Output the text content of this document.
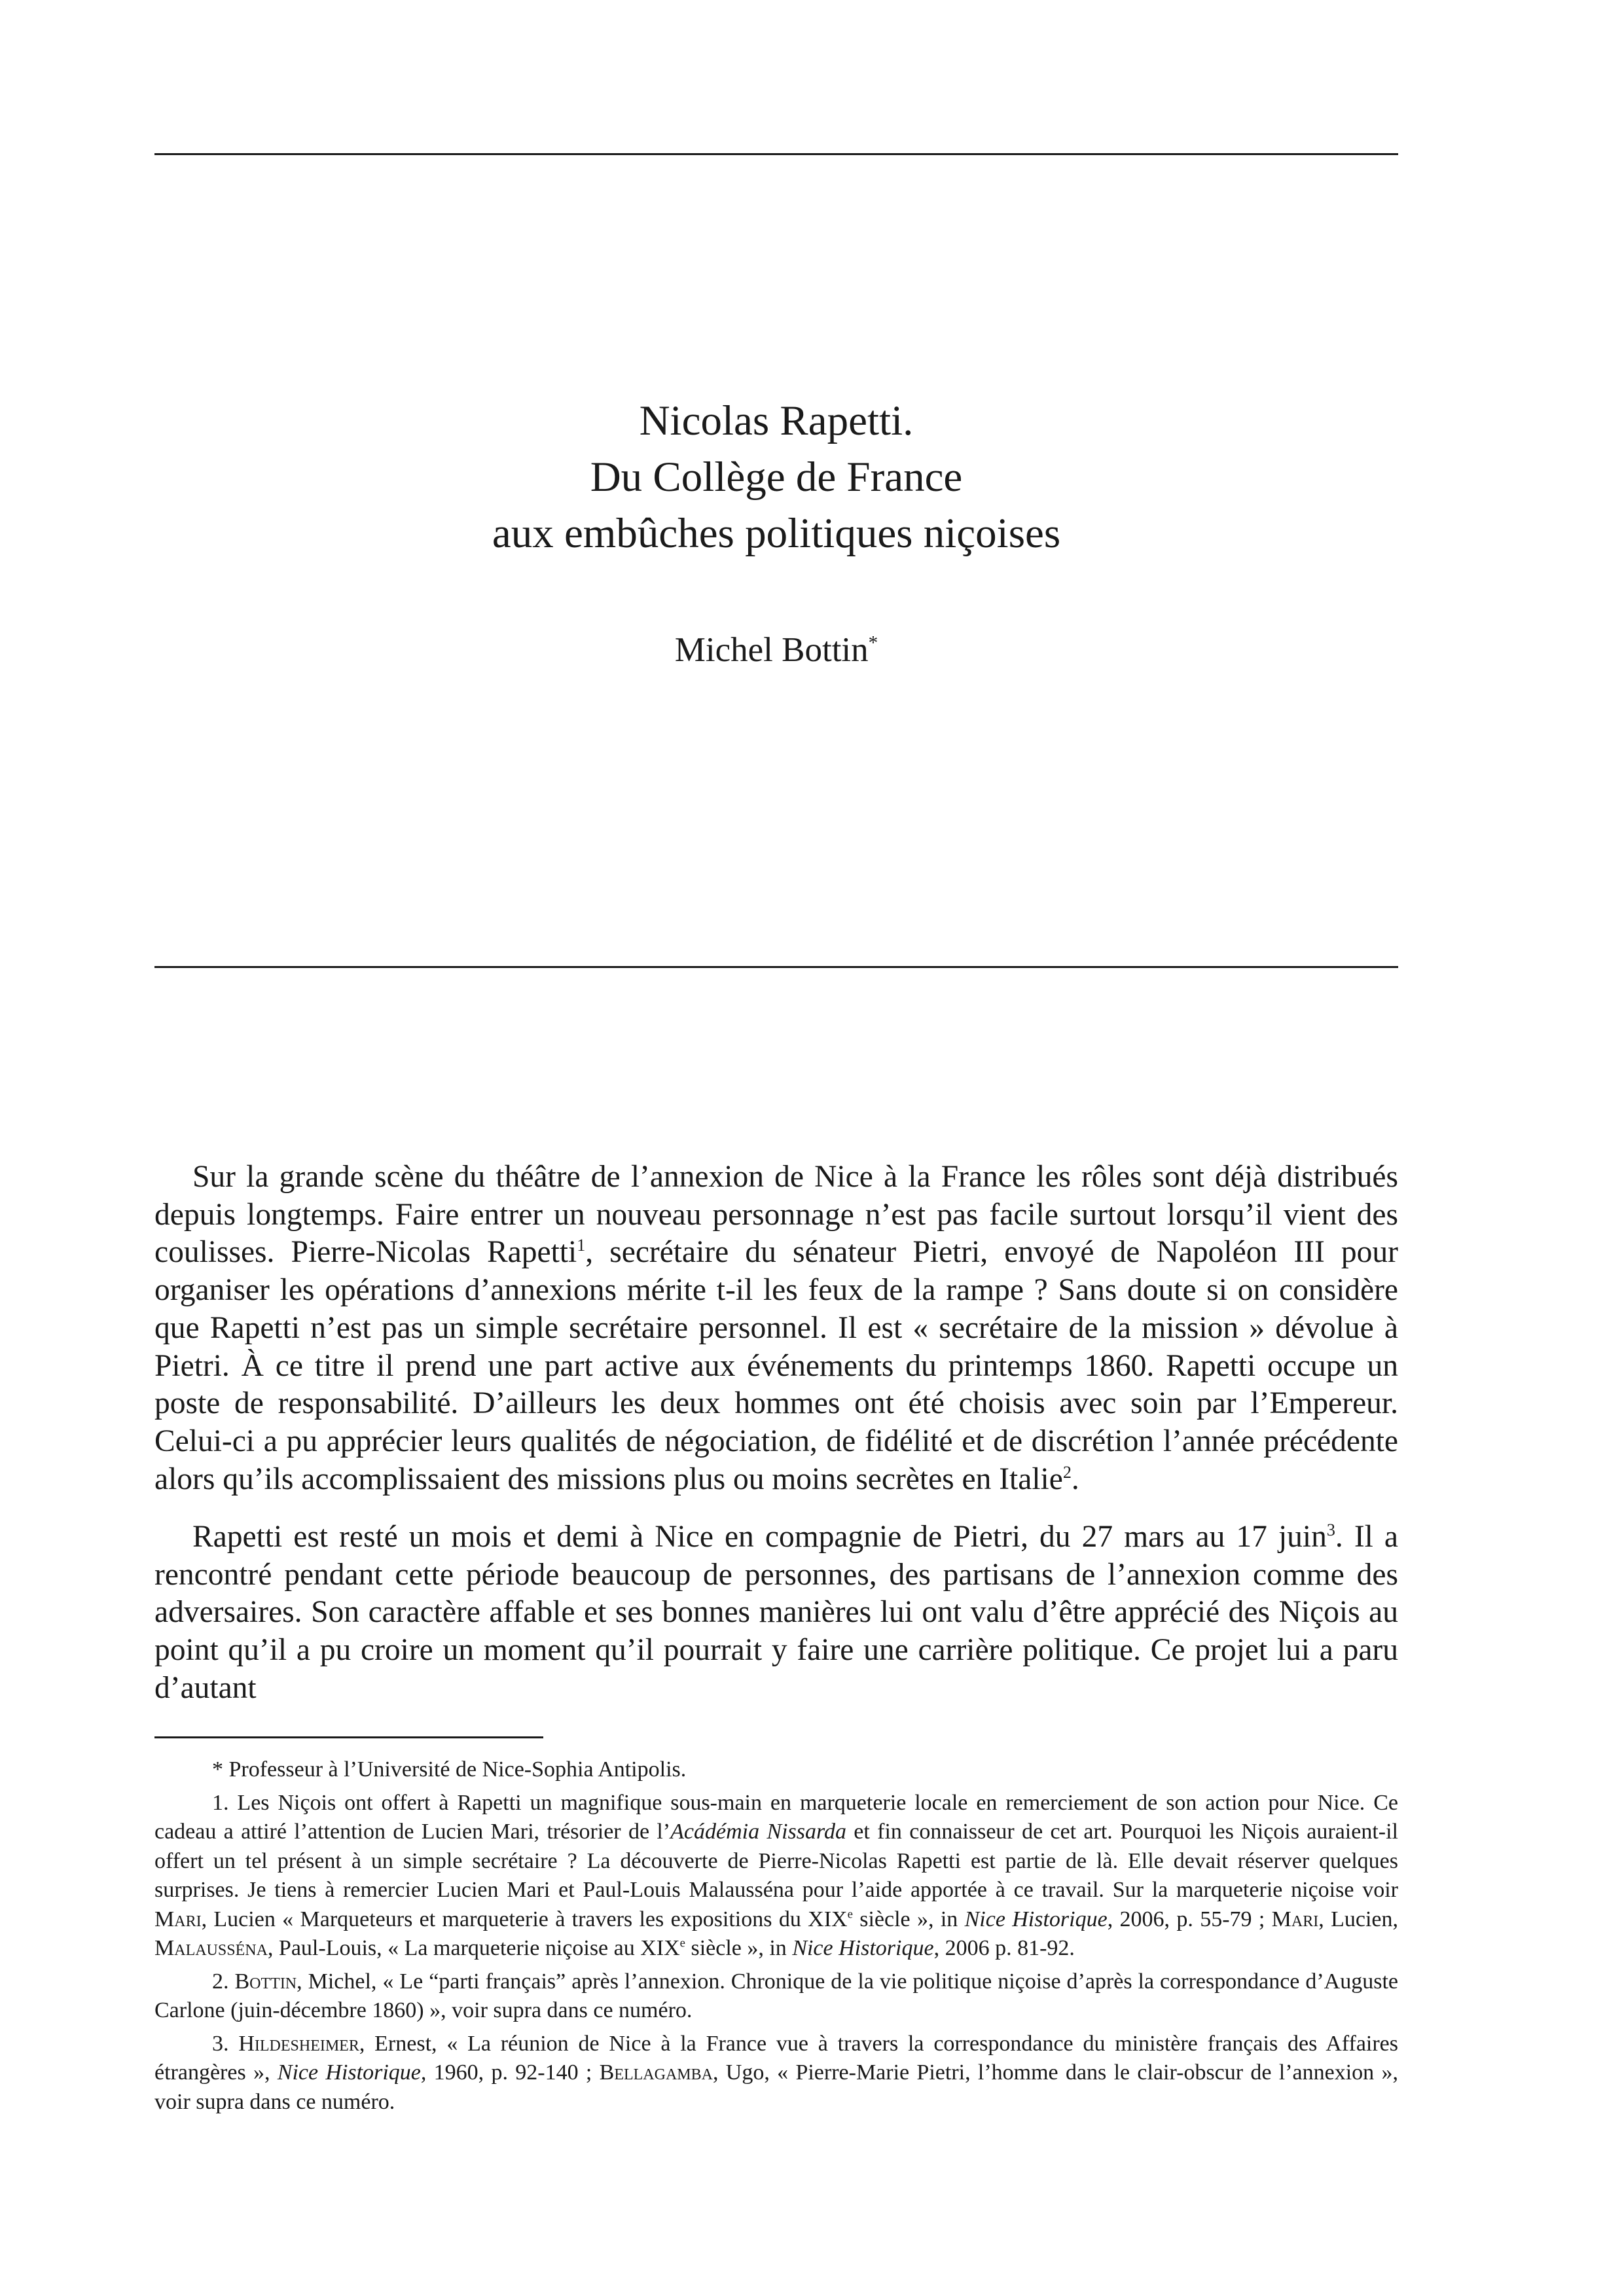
Nicolas Rapetti.
Du Collège de France
aux embûches politiques niçoises
Michel Bottin*

Sur la grande scène du théâtre de l’annexion de Nice à la France les rôles sont déjà distribués depuis longtemps. Faire entrer un nouveau personnage n’est pas facile surtout lorsqu’il vient des coulisses. Pierre-Nicolas Rapetti$^1$, secrétaire du sénateur Pietri, envoyé de Napoléon III pour organiser les opérations d’annexions mérite t-il les feux de la rampe ? Sans doute si on considère que Rapetti n’est pas un simple secrétaire personnel. Il est « secrétaire de la mission » dévolue à Pietri. À ce titre il prend une part active aux événements du printemps 1860. Rapetti occupe un poste de responsabilité. D’ailleurs les deux hommes ont été choisis avec soin par l’Empereur. Celui-ci a pu apprécier leurs qualités de négociation, de fidélité et de discrétion l’année précédente alors qu’ils accomplissaient des missions plus ou moins secrètes en Italie$^2$.

Rapetti est resté un mois et demi à Nice en compagnie de Pietri, du 27 mars au 17 juin$^3$. Il a rencontré pendant cette période beaucoup de personnes, des partisans de l’annexion comme des adversaires. Son caractère affable et ses bonnes manières lui ont valu d’être apprécié des Niçois au point qu’il a pu croire un moment qu’il pourrait y faire une carrière politique. Ce projet lui a paru d’autant

* Professeur à l’Université de Nice-Sophia Antipolis.

1. Les Niçois ont offert à Rapetti un magnifique sous-main en marqueterie locale en remerciement de son action pour Nice. Ce cadeau a attiré l’attention de Lucien Mari, trésorier de l’Acádémia Nissarda et fin connaisseur de cet art. Pourquoi les Niçois auraient-il offert un tel présent à un simple secrétaire ? La découverte de Pierre-Nicolas Rapetti est partie de là. Elle devait réserver quelques surprises. Je tiens à remercier Lucien Mari et Paul-Louis Malausséna pour l’aide apportée à ce travail. Sur la marqueterie niçoise voir Mari, Lucien « Marqueteurs et marqueterie à travers les expositions du XIXe siècle », in Nice Historique, 2006, p. 55-79 ; Mari, Lucien, Malausséna, Paul-Louis, « La marqueterie niçoise au XIXe siècle », in Nice Historique, 2006 p. 81-92.

2. Bottin, Michel, « Le “parti français” après l’annexion. Chronique de la vie politique niçoise d’après la correspondance d’Auguste Carlone (juin-décembre 1860) », voir supra dans ce numéro.

3. Hildesheimer, Ernest, « La réunion de Nice à la France vue à travers la correspondance du ministère français des Affaires étrangères », Nice Historique, 1960, p. 92-140 ; Bellagamba, Ugo, « Pierre-Marie Pietri, l’homme dans le clair-obscur de l’annexion », voir supra dans ce numéro.
